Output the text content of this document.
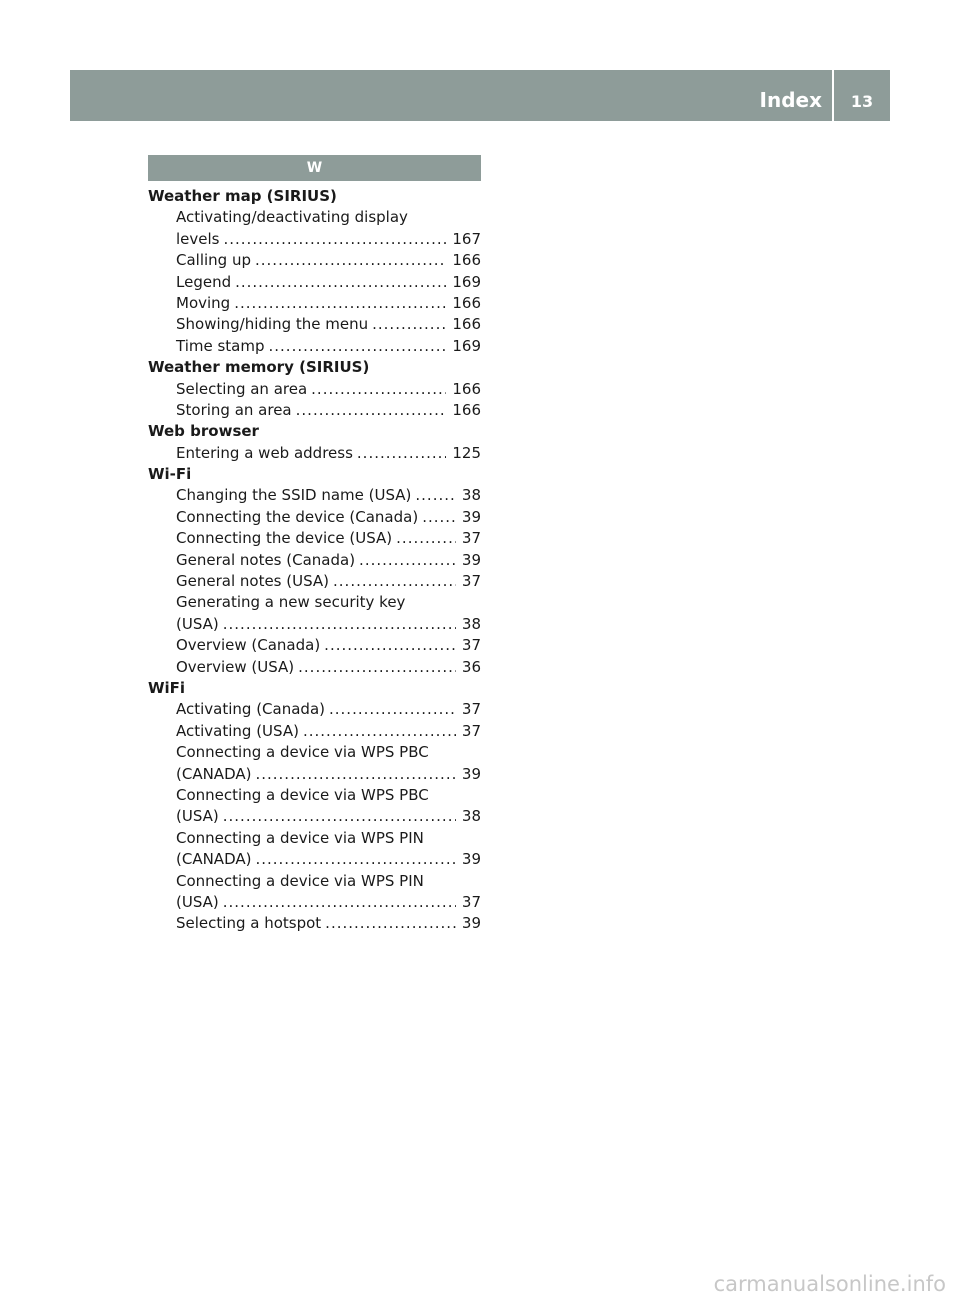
Index	13
W
Weather map (SIRIUS)
Activating/deactivating display
levels .....	167
Calling up .....	166
Legend .....	169
Moving .....	166
Showing/hiding the menu .....	166
Time stamp .....	169
Weather memory (SIRIUS)
Selecting an area .....	166
Storing an area .....	166
Web browser
Entering a web address .....	125
Wi-Fi
Changing the SSID name (USA) .....	38
Connecting the device (Canada) .....	39
Connecting the device (USA) .....	37
General notes (Canada) .....	39
General notes (USA) .....	37
Generating a new security key
(USA) .....	38
Overview (Canada) .....	37
Overview (USA) .....	36
WiFi
Activating (Canada) .....	37
Activating (USA) .....	37
Connecting a device via WPS PBC
(CANADA) .....	39
Connecting a device via WPS PBC
(USA) .....	38
Connecting a device via WPS PIN
(CANADA) .....	39
Connecting a device via WPS PIN
(USA) .....	37
Selecting a hotspot .....	39
carmanualsonline.info
